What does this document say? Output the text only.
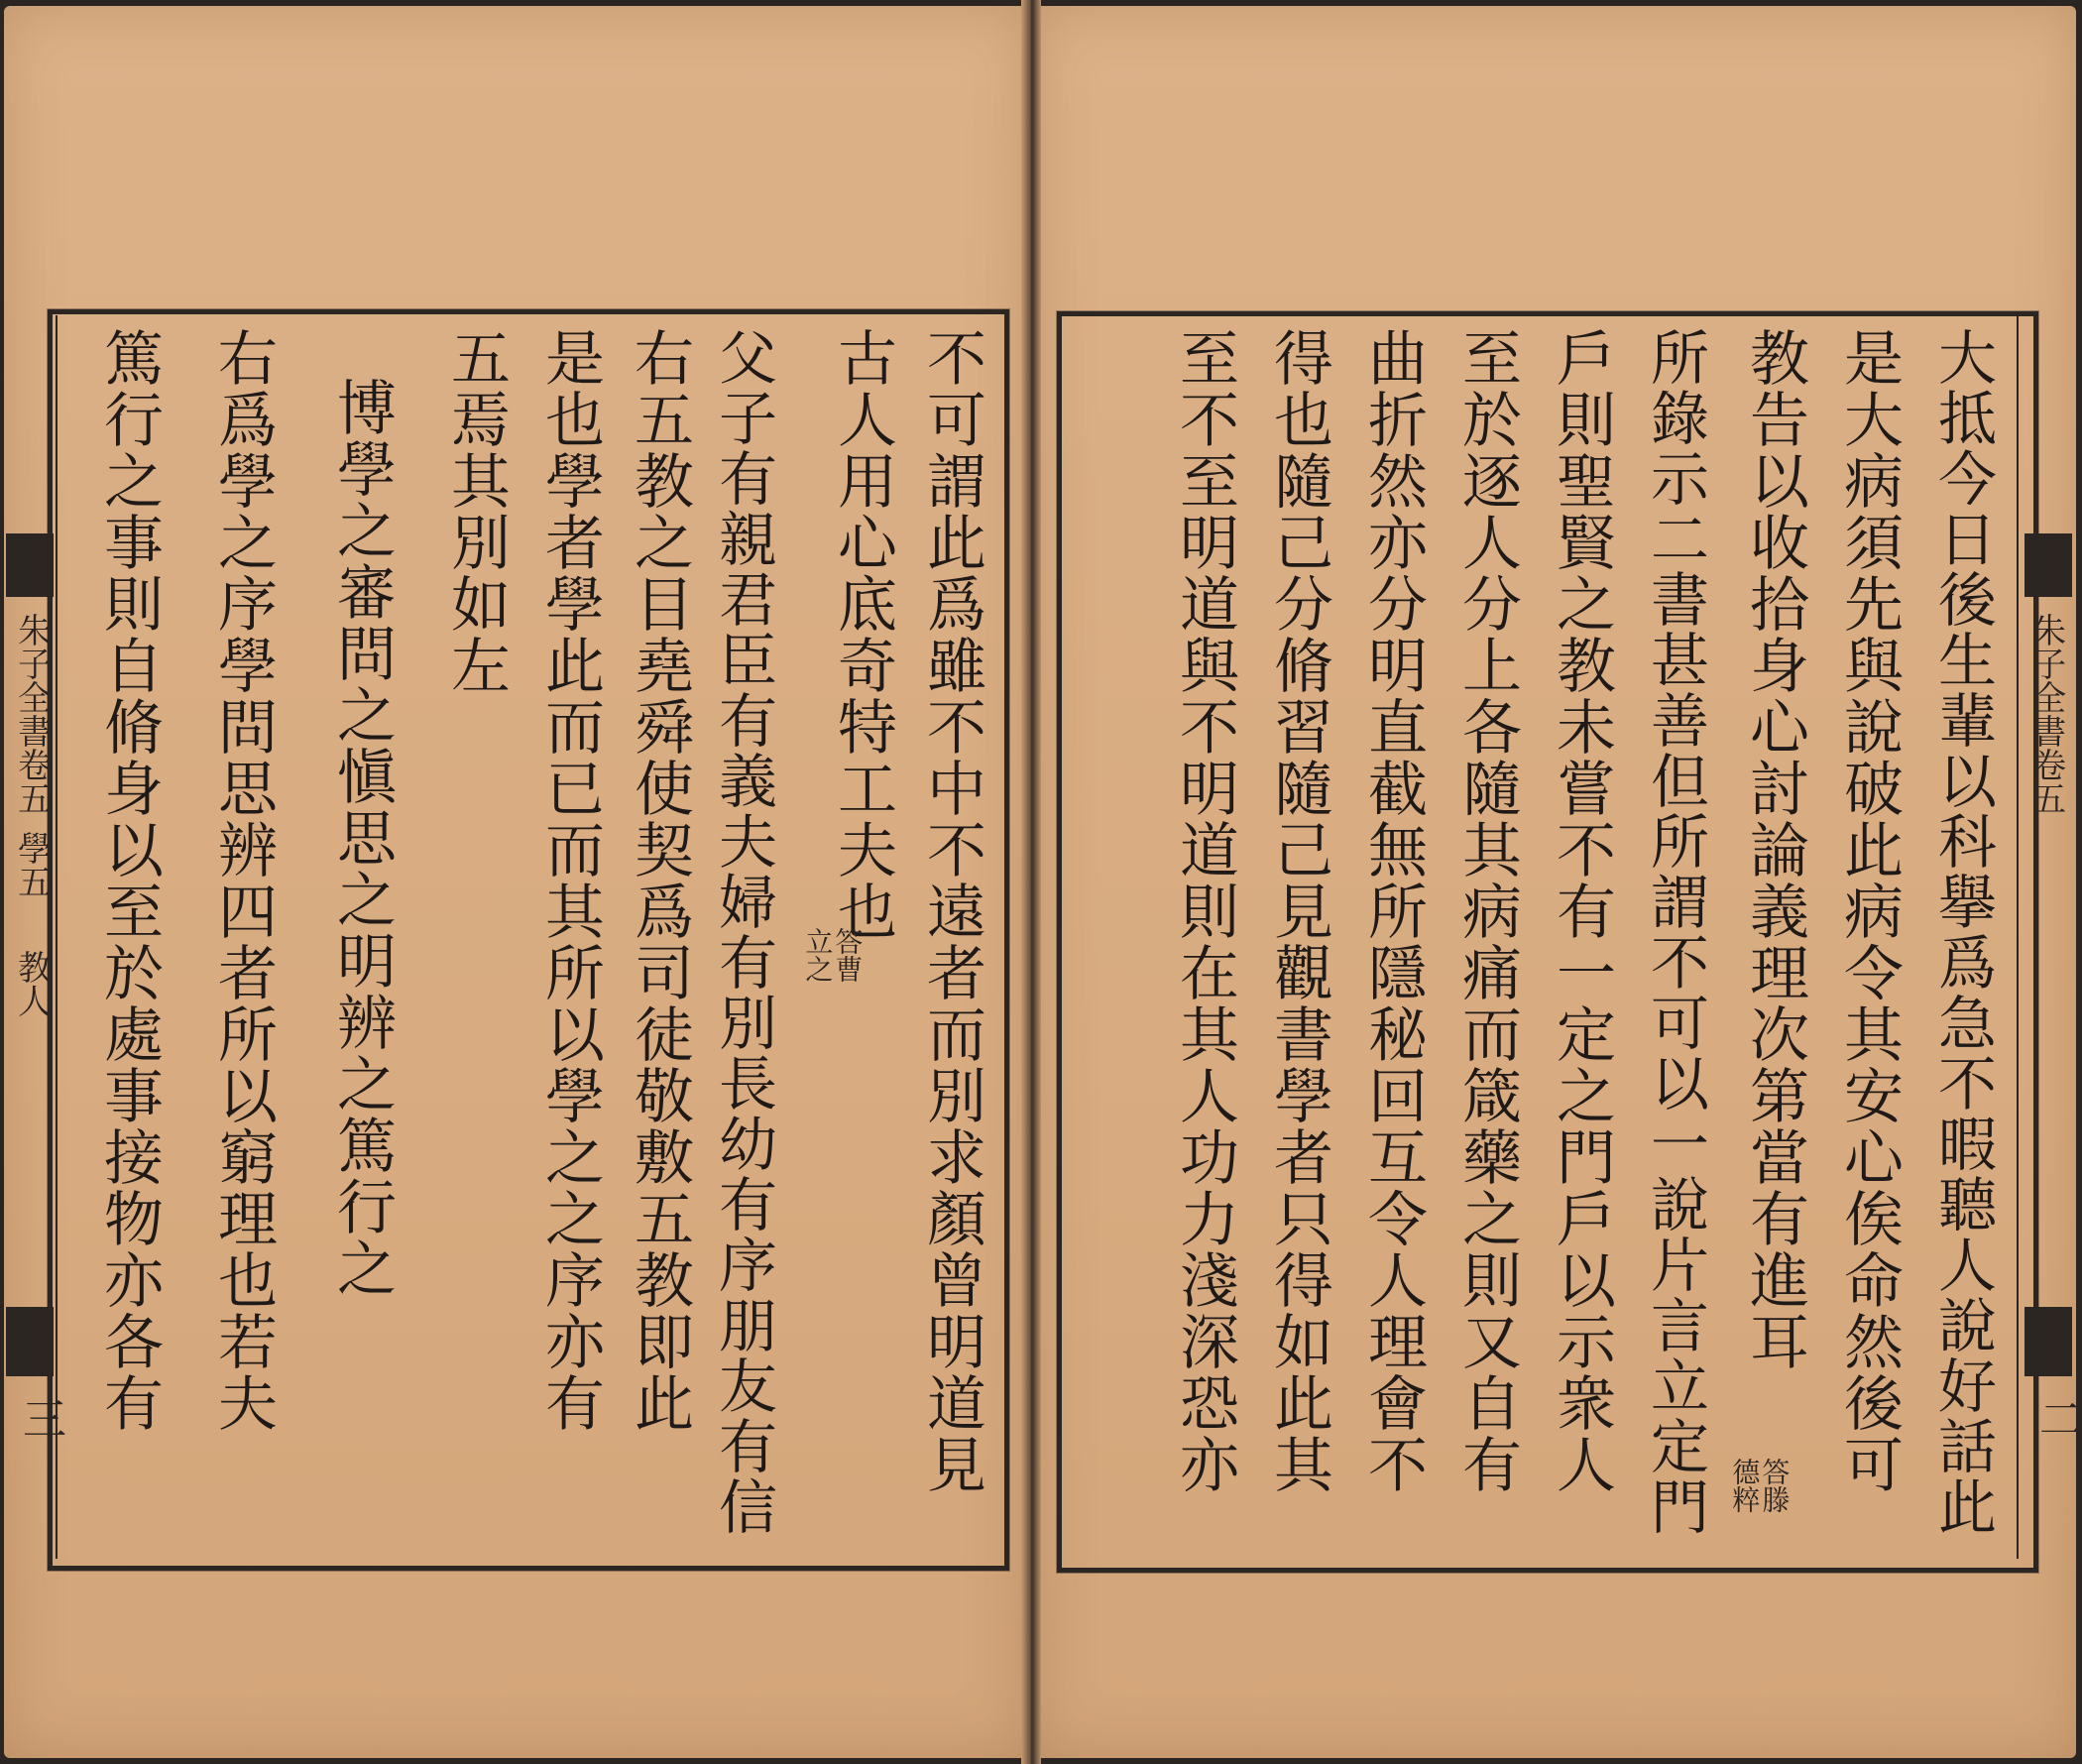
朱子全書卷五
學五
教人
三	不可謂此爲雖不中不遠者而別求顏曾明道見
古人用心底奇特工夫也
答曹
立之
父子有親君臣有義夫婦有別長幼有序朋友有信
右五教之目堯舜使契爲司徒敬敷五教即此
是也學者學此而已而其所以學之之序亦有
五焉其別如左
博學之審問之愼思之明辨之篤行之
右爲學之序學問思辨四者所以窮理也若夫
篤行之事則自脩身以至於處事接物亦各有	朱子全書卷五
二
大抵今日後生輩以科擧爲急不暇聽人說好話此
是大病須先與說破此病令其安心俟命然後可
教告以收拾身心討論義理次第當有進耳
答滕
德粹
所錄示二書甚善但所謂不可以一說片言立定門
戶則聖賢之教未嘗不有一定之門戶以示衆人
至於逐人分上各隨其病痛而箴藥之則又自有
曲折然亦分明直截無所隱秘回互令人理會不
得也隨己分脩習隨己見觀書學者只得如此其
至不至明道與不明道則在其人功力淺深恐亦
